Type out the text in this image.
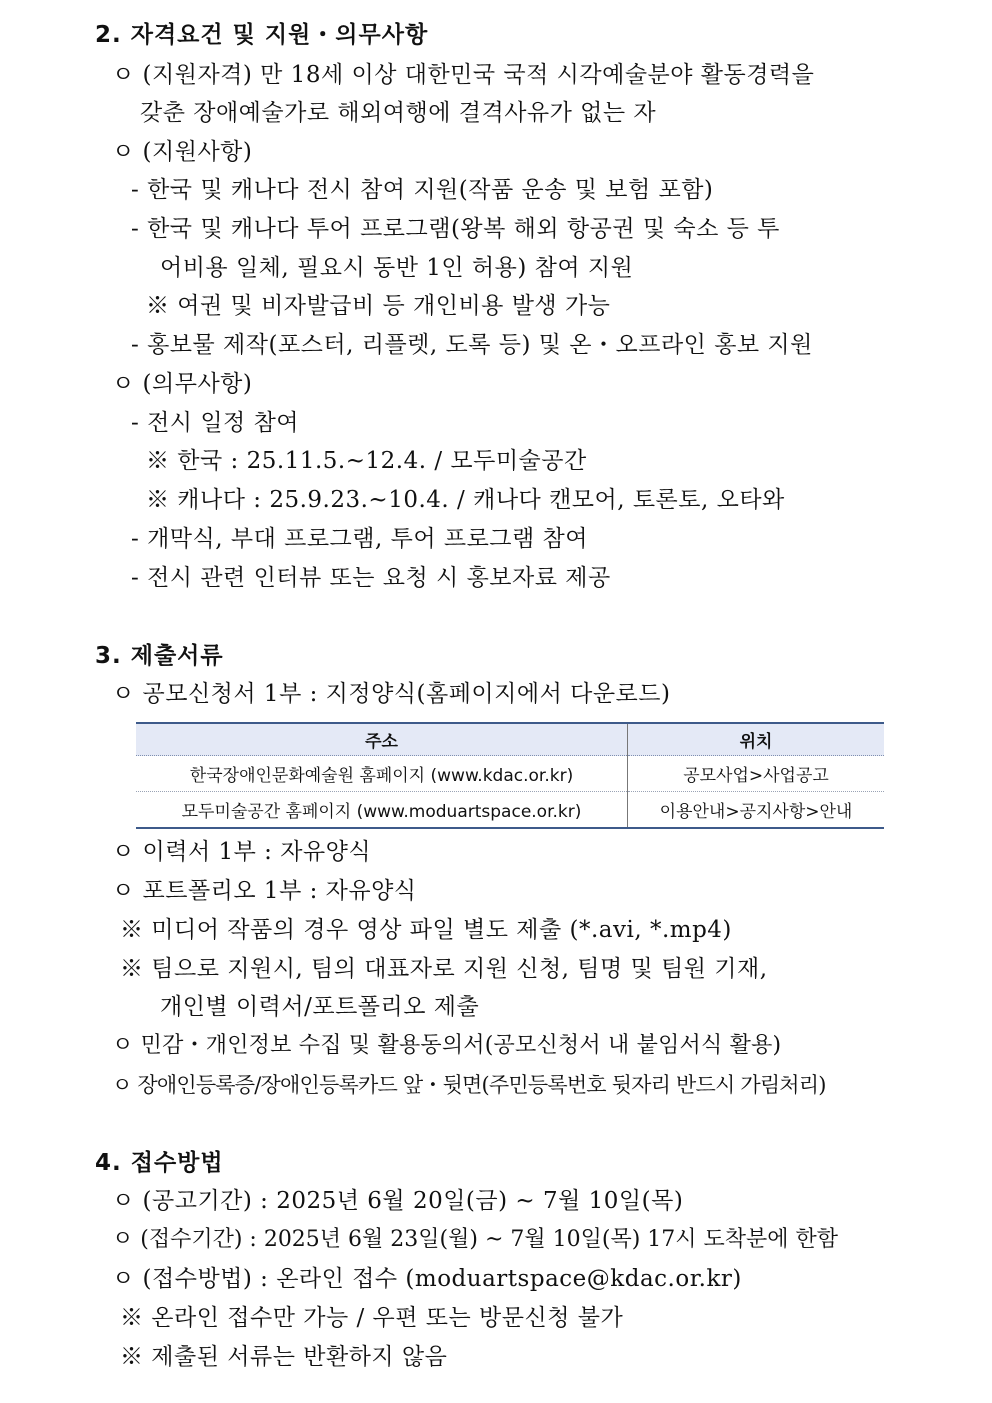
2. 자격요건 및 지원・의무사항
ㅇ (지원자격) 만 18세 이상 대한민국 국적 시각예술분야 활동경력을
갖춘 장애예술가로 해외여행에 결격사유가 없는 자
ㅇ (지원사항)
- 한국 및 캐나다 전시 참여 지원(작품 운송 및 보험 포함)
- 한국 및 캐나다 투어 프로그램(왕복 해외 항공권 및 숙소 등 투
어비용 일체, 필요시 동반 1인 허용) 참여 지원
※ 여권 및 비자발급비 등 개인비용 발생 가능
- 홍보물 제작(포스터, 리플렛, 도록 등) 및 온・오프라인 홍보 지원
ㅇ (의무사항)
- 전시 일정 참여
※ 한국 : 25.11.5.~12.4. / 모두미술공간
※ 캐나다 : 25.9.23.~10.4. / 캐나다 캔모어, 토론토, 오타와
- 개막식, 부대 프로그램, 투어 프로그램 참여
- 전시 관련 인터뷰 또는 요청 시 홍보자료 제공
3. 제출서류
ㅇ 공모신청서 1부 : 지정양식(홈페이지에서 다운로드)
주소	위치
한국장애인문화예술원 홈페이지 (www.kdac.or.kr)	공모사업>사업공고
모두미술공간 홈페이지 (www.moduartspace.or.kr)	이용안내>공지사항>안내
ㅇ 이력서 1부 : 자유양식
ㅇ 포트폴리오 1부 : 자유양식
※ 미디어 작품의 경우 영상 파일 별도 제출 (*.avi, *.mp4)
※ 팀으로 지원시, 팀의 대표자로 지원 신청, 팀명 및 팀원 기재,
개인별 이력서/포트폴리오 제출
ㅇ 민감・개인정보 수집 및 활용동의서(공모신청서 내 붙임서식 활용)
ㅇ 장애인등록증/장애인등록카드 앞・뒷면(주민등록번호 뒷자리 반드시 가림처리)
4. 접수방법
ㅇ (공고기간) : 2025년 6월 20일(금) ~ 7월 10일(목)
ㅇ (접수기간) : 2025년 6월 23일(월) ~ 7월 10일(목) 17시 도착분에 한함
ㅇ (접수방법) : 온라인 접수 (moduartspace@kdac.or.kr)
※ 온라인 접수만 가능 / 우편 또는 방문신청 불가
※ 제출된 서류는 반환하지 않음
